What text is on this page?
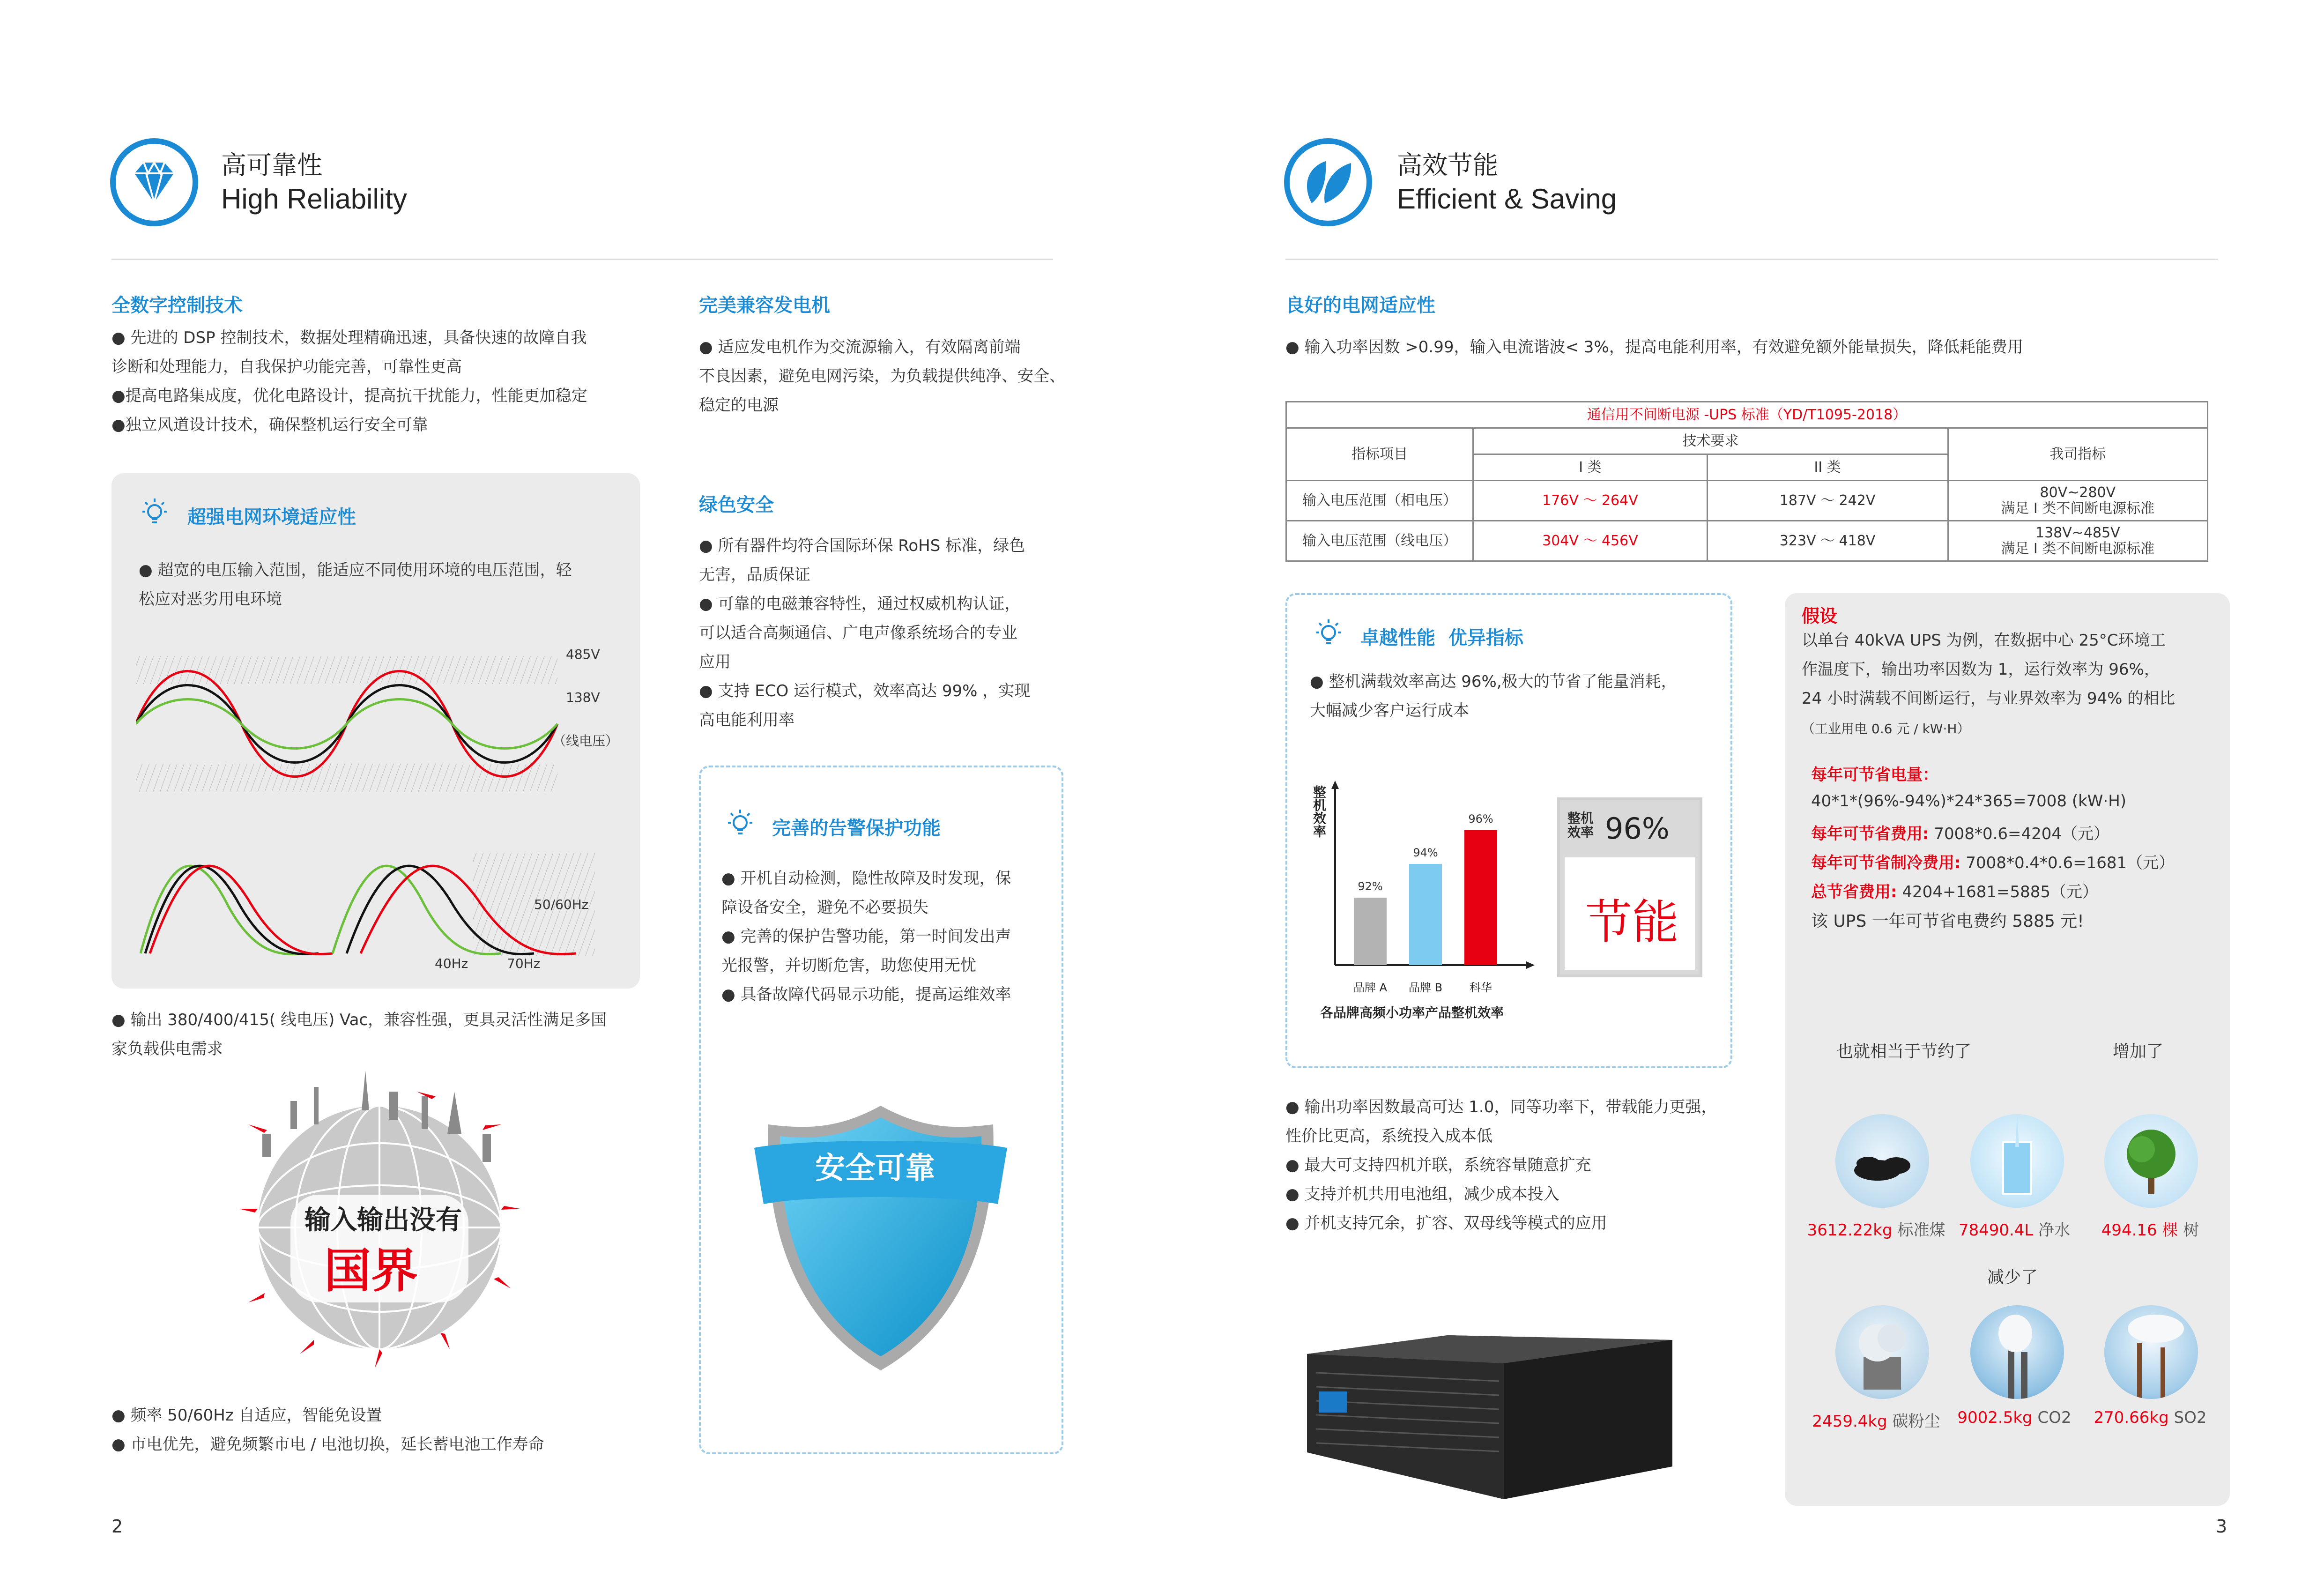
高可靠性
High Reliability
全数字控制技术

● 先进的 DSP 控制技术，数据处理精确迅速，具备快速的故障自我

诊断和处理能力，自我保护功能完善，可靠性更高

●提高电路集成度，优化电路设计，提高抗干扰能力，性能更加稳定

●独立风道设计技术，确保整机运行安全可靠

超强电网环境适应性

● 超宽的电压输入范围，能适应不同使用环境的电压范围，轻

松应对恶劣用电环境

485V
138V
（线电压）
50/60Hz
40Hz	70Hz

● 输出 380/400/415( 线电压) Vac，兼容性强，更具灵活性满足多国

家负载供电需求

输入输出没有
国界

● 频率 50/60Hz 自适应，智能免设置

● 市电优先，避免频繁市电 / 电池切换，延长蓄电池工作寿命

完美兼容发电机

● 适应发电机作为交流源输入，有效隔离前端

不良因素，避免电网污染，为负载提供纯净、安全、

稳定的电源

绿色安全

● 所有器件均符合国际环保 RoHS 标准，绿色

无害，品质保证

● 可靠的电磁兼容特性，通过权威机构认证，

可以适合高频通信、广电声像系统场合的专业

应用

● 支持 ECO 运行模式，效率高达 99% ，实现

高电能利用率

完善的告警保护功能

● 开机自动检测，隐性故障及时发现，保

障设备安全，避免不必要损失

● 完善的保护告警功能，第一时间发出声

光报警，并切断危害，助您使用无忧

● 具备故障代码显示功能，提高运维效率

安全可靠
2
高效节能
Efficient & Saving
良好的电网适应性
● 输入功率因数 >0.99，输入电流谐波< 3%，提高电能利用率，有效避免额外能量损失，降低耗能费用
通信用不间断电源 -UPS 标准（YD/T1095-2018）			
指标项目	技术要求		我司指标
	I 类	II 类	
输入电压范围（相电压）	176V ～ 264V	187V ～ 242V	80V~280V
满足 I 类不间断电源标准

输入电压范围（线电压）	304V ～ 456V	323V ～ 418V	138V~485V
满足 I 类不间断电源标准
卓越性能  优异指标

● 整机满载效率高达 96%,极大的节省了能量消耗，

大幅减少客户运行成本

92%
品牌 A
94%
品牌 B
96%
科华
整机效率
各品牌高频小功率产品整机效率
整机效率 96%
节能

● 输出功率因数最高可达 1.0，同等功率下，带载能力更强，

性价比更高，系统投入成本低

● 最大可支持四机并联，系统容量随意扩充

● 支持并机共用电池组，减少成本投入

● 并机支持冗余，扩容、双母线等模式的应用

假设

以单台 40kVA UPS 为例，在数据中心 25°C环境工

作温度下，输出功率因数为 1，运行效率为 96%，

24 小时满载不间断运行，与业界效率为 94% 的相比

（工业用电 0.6 元 / kW·H）
每年可节省电量：
40*1*(96%-94%)*24*365=7008 (kW·H)
每年可节省费用: 7008*0.6=4204（元）
每年可节省制冷费用: 7008*0.4*0.6=1681（元）
总节省费用: 4204+1681=5885（元）
该 UPS 一年可节省电费约 5885 元!
也就相当于节约了	增加了
3612.22kg 标准煤 78490.4L 净水	494.16 棵 树
减少了
2459.4kg 碳粉尘	9002.5kg CO2	270.66kg SO2
3
